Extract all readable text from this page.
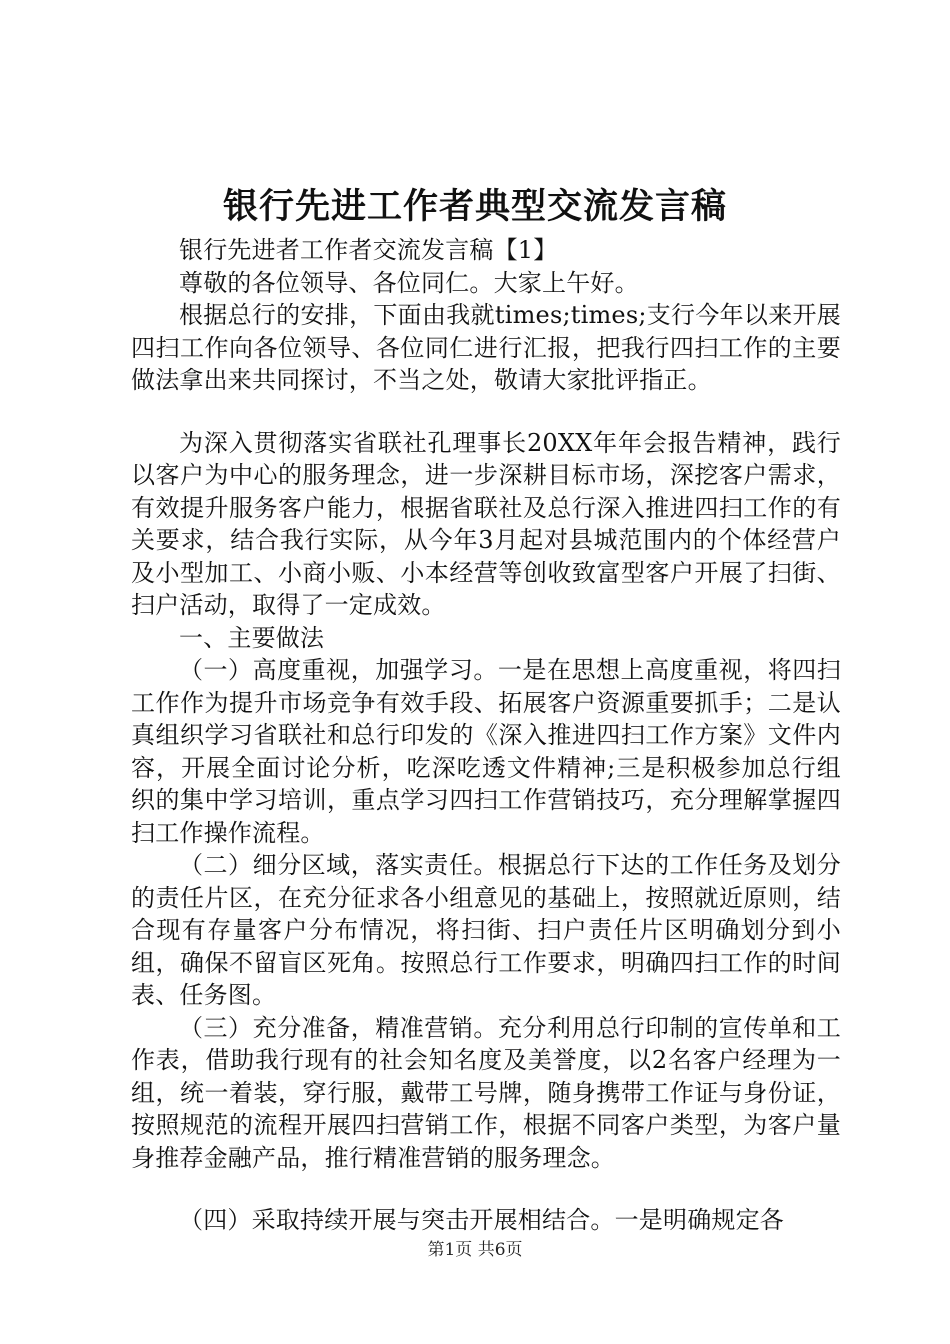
银行先进工作者典型交流发言稿

银行先进者工作者交流发言稿【1】

尊敬的各位领导、各位同仁。大家上午好。

根据总行的安排，下面由我就times;times;支行今年以来开展四扫工作向各位领导、各位同仁进行汇报，把我行四扫工作的主要做法拿出来共同探讨，不当之处，敬请大家批评指正。

为深入贯彻落实省联社孔理事长20XX年年会报告精神，践行以客户为中心的服务理念，进一步深耕目标市场，深挖客户需求，有效提升服务客户能力，根据省联社及总行深入推进四扫工作的有关要求，结合我行实际，从今年3月起对县城范围内的个体经营户及小型加工、小商小贩、小本经营等创收致富型客户开展了扫街、扫户活动，取得了一定成效。

一、主要做法

（一）高度重视，加强学习。一是在思想上高度重视，将四扫工作作为提升市场竞争有效手段、拓展客户资源重要抓手；二是认真组织学习省联社和总行印发的《深入推进四扫工作方案》文件内容，开展全面讨论分析，吃深吃透文件精神;三是积极参加总行组织的集中学习培训，重点学习四扫工作营销技巧，充分理解掌握四扫工作操作流程。

（二）细分区域，落实责任。根据总行下达的工作任务及划分的责任片区，在充分征求各小组意见的基础上，按照就近原则，结合现有存量客户分布情况，将扫街、扫户责任片区明确划分到小组，确保不留盲区死角。按照总行工作要求，明确四扫工作的时间表、任务图。

（三）充分准备，精准营销。充分利用总行印制的宣传单和工作表，借助我行现有的社会知名度及美誉度，以2名客户经理为一组，统一着装，穿行服，戴带工号牌，随身携带工作证与身份证，按照规范的流程开展四扫营销工作，根据不同客户类型，为客户量身推荐金融产品，推行精准营销的服务理念。

（四）采取持续开展与突击开展相结合。一是明确规定各

第1页 共6页
